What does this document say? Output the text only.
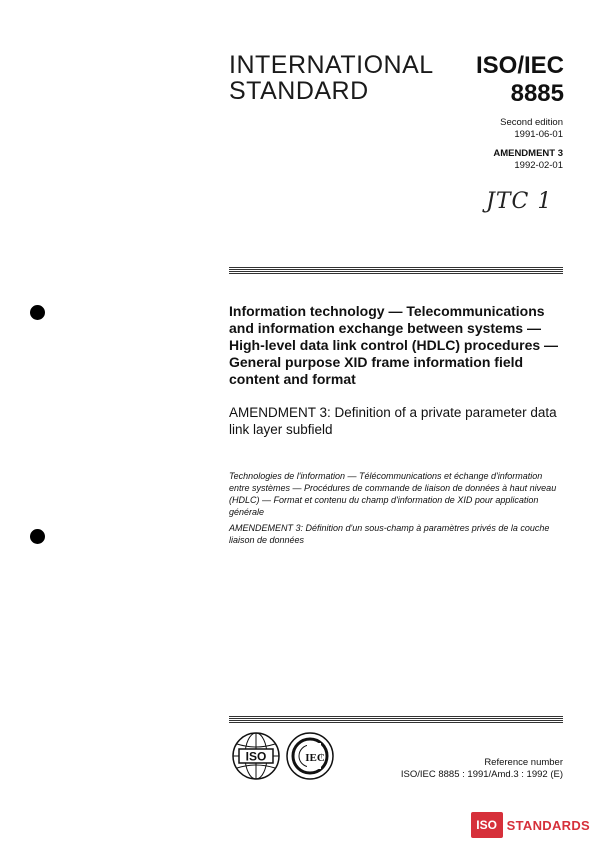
INTERNATIONAL
STANDARD
ISO/IEC
8885
Second edition
1991-06-01
AMENDMENT 3
1992-02-01
JTC 1
Information technology — Telecommunications and information exchange between systems — High-level data link control (HDLC) procedures — General purpose XID frame information field content and format
AMENDMENT 3: Definition of a private parameter data link layer subfield
Technologies de l'information — Télécommunications et échange d'information entre systèmes — Procédures de commande de liaison de données à haut niveau (HDLC) — Format et contenu du champ d'information de XID pour application générale
AMENDEMENT 3: Définition d'un sous-champ à paramètres privés de la couche liaison de données
ISO	IEC	Reference number
ISO/IEC 8885 : 1991/Amd.3 : 1992 (E)
ISO STANDARDS
